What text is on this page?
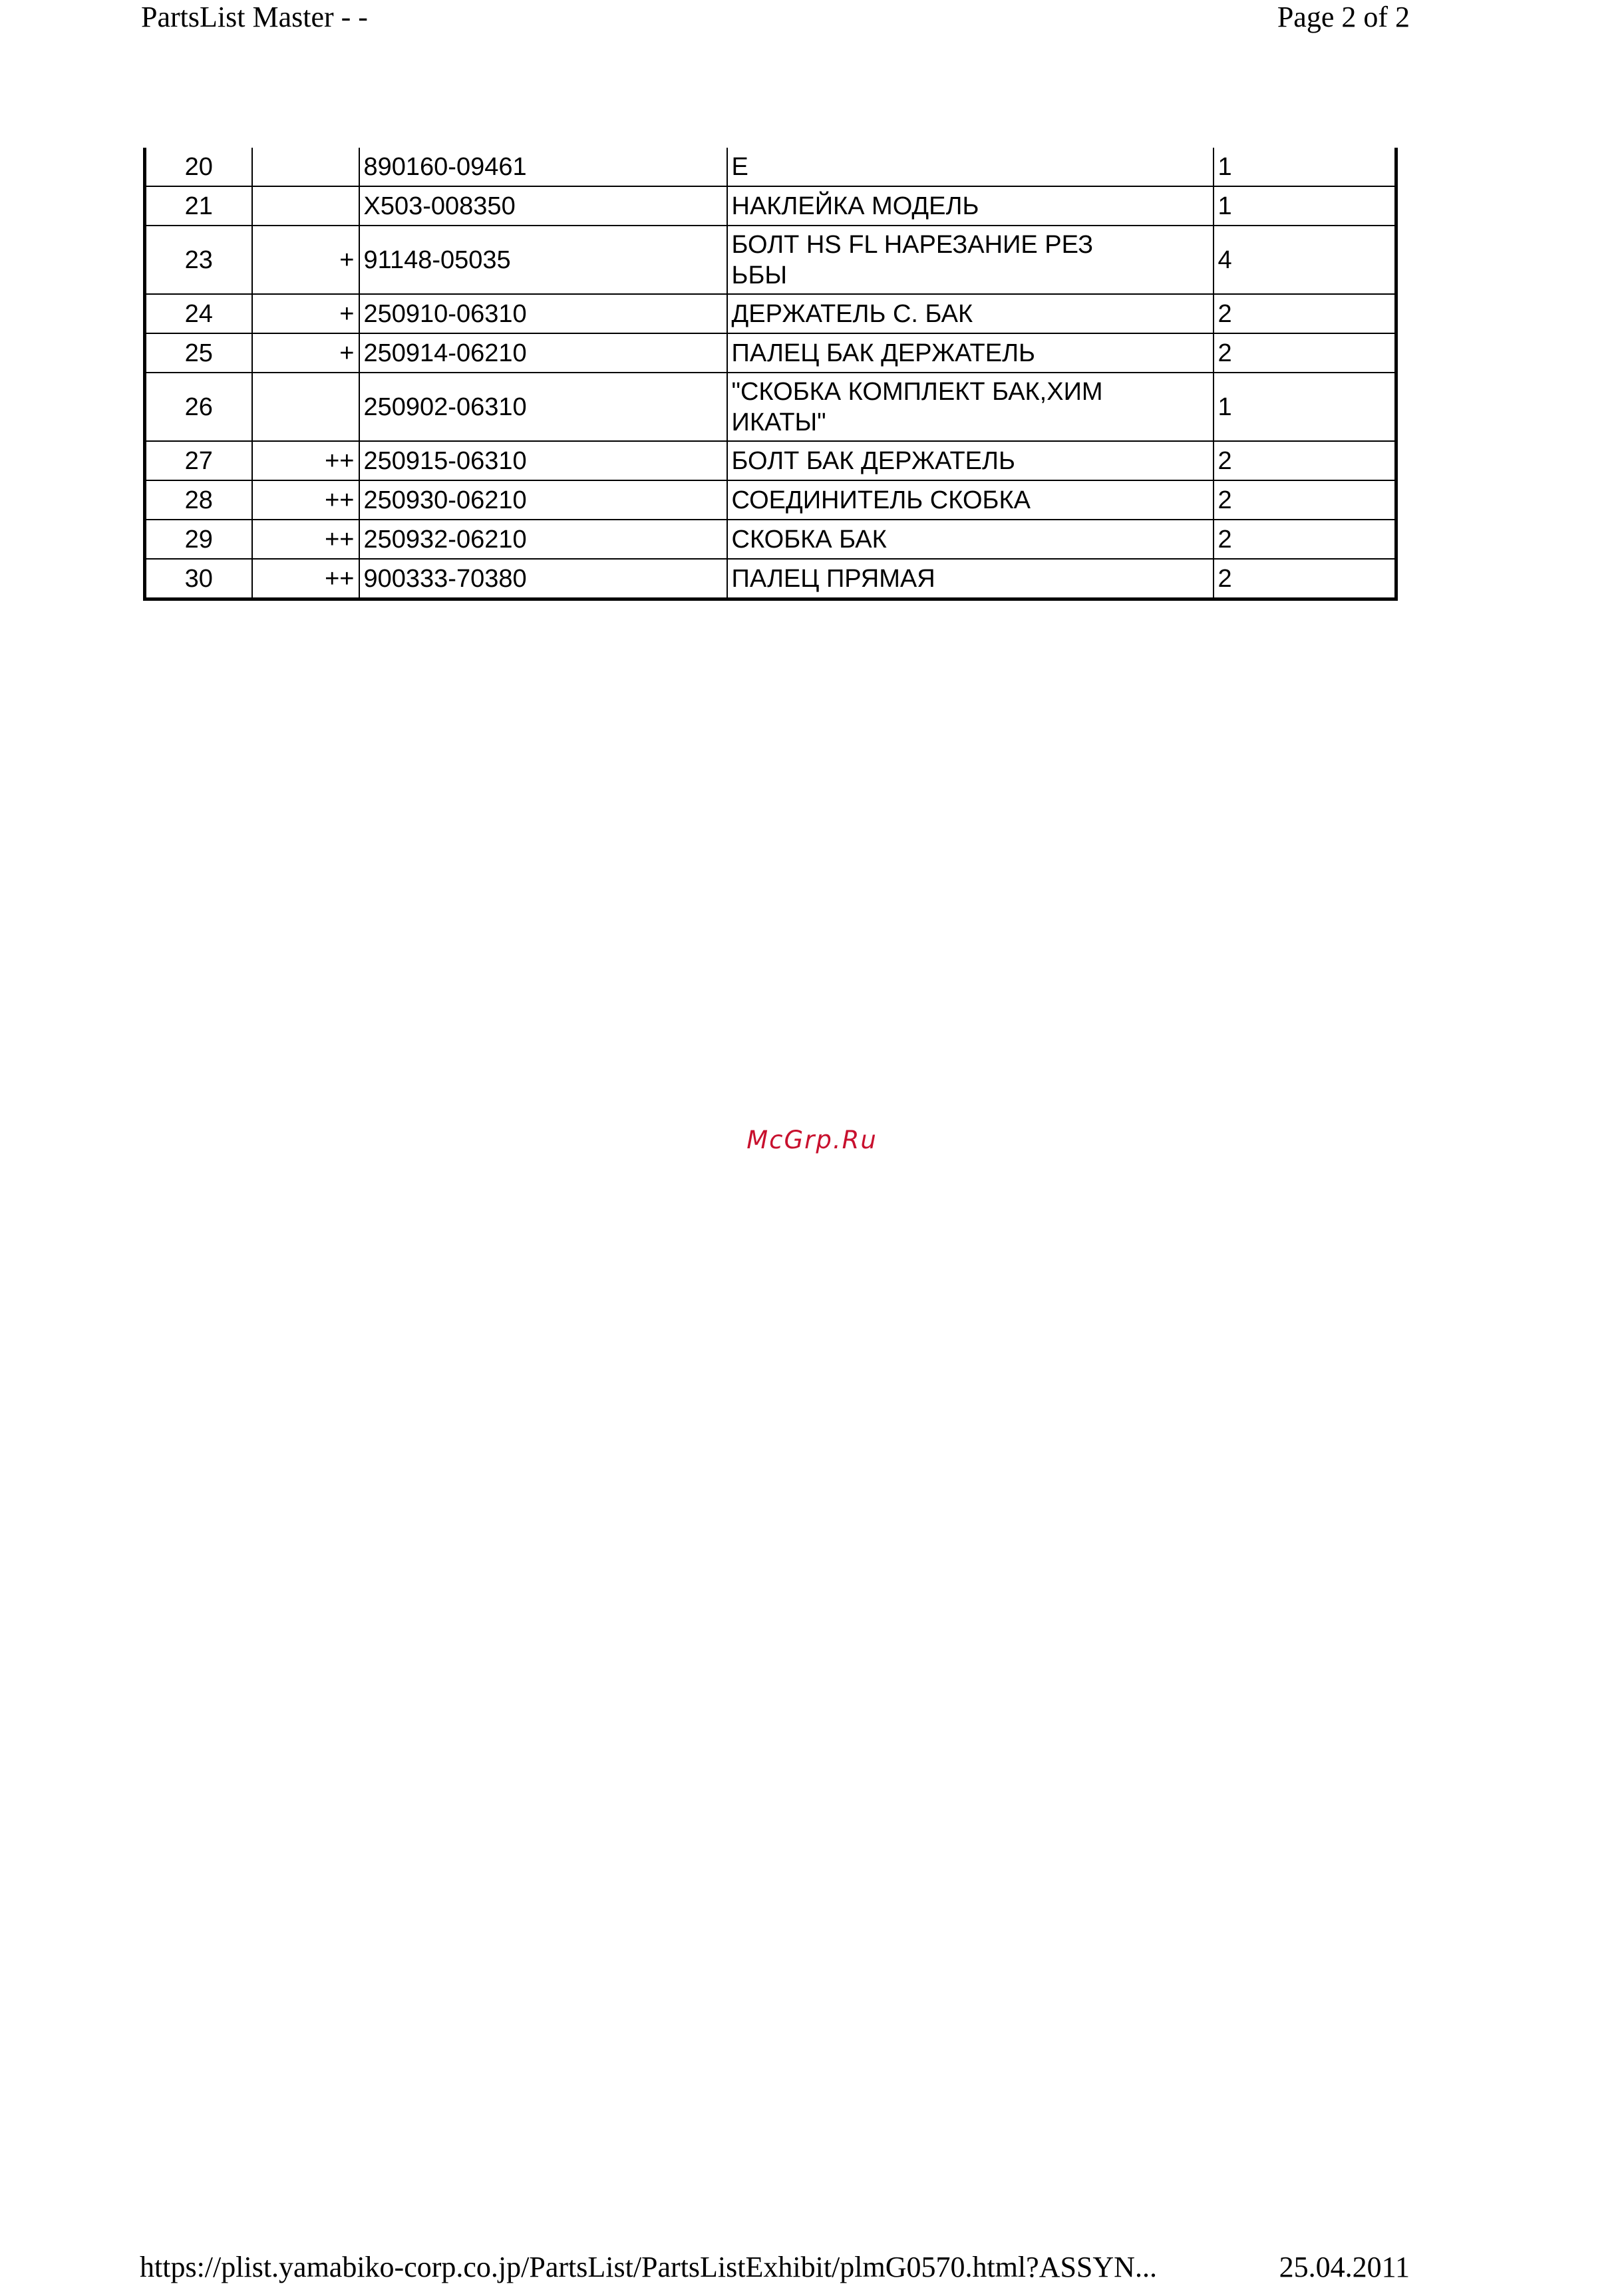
PartsList Master - -	Page 2 of 2
20		890160-09461	E	1
21		X503-008350	НАКЛЕЙКА МОДЕЛЬ	1
23	+	91148-05035	БОЛТ HS FL НАРЕЗАНИЕ РЕЗ
ЬБЫ	4
24	+	250910-06310	ДЕРЖАТЕЛЬ С. БАК	2
25	+	250914-06210	ПАЛЕЦ БАК ДЕРЖАТЕЛЬ	2
26		250902-06310	"СКОБКА КОМПЛЕКТ БАК,ХИМ
ИКАТЫ"	1
27	++	250915-06310	БОЛТ БАК ДЕРЖАТЕЛЬ	2
28	++	250930-06210	СОЕДИНИТЕЛЬ СКОБКА	2
29	++	250932-06210	СКОБКА БАК	2
30	++	900333-70380	ПАЛЕЦ ПРЯМАЯ	2
McGrp.Ru
https://plist.yamabiko-corp.co.jp/PartsList/PartsListExhibit/plmG0570.html?ASSYN...	25.04.2011
